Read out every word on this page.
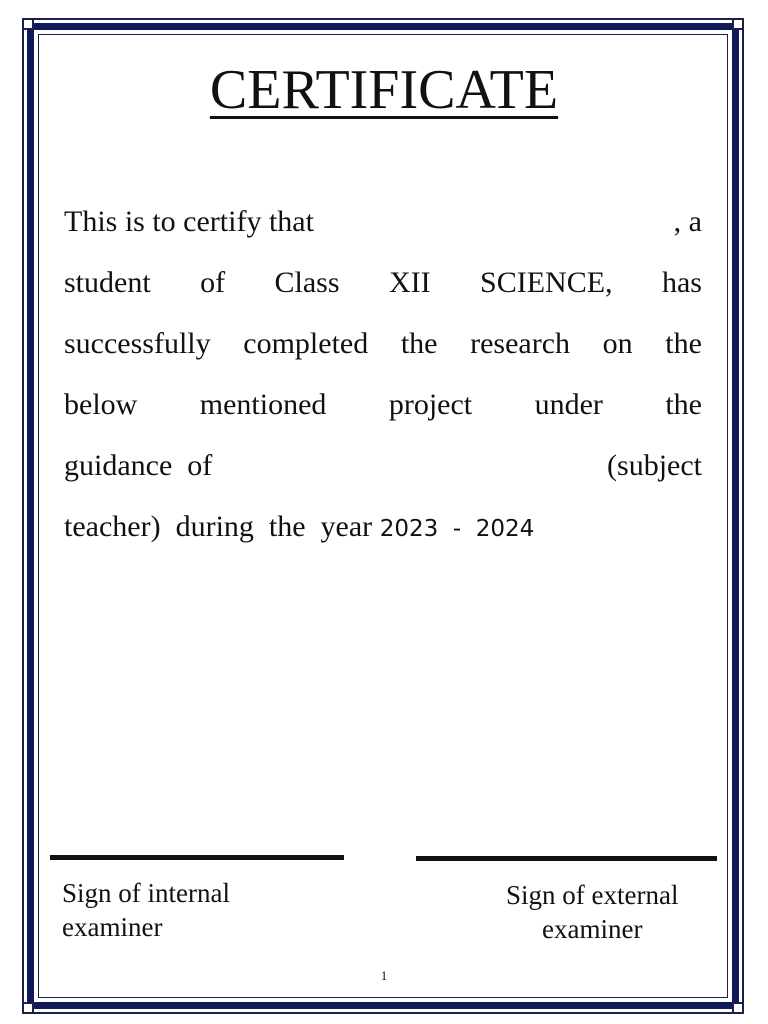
CERTIFICATE
This is to certify that	, a
student of Class XII SCIENCE, has
successfully completed the research on the
below mentioned project under the
guidance  of	(subject
teacher)  during  the  year 2023  -  2024
Sign of internal
examiner
Sign of external
examiner
1
